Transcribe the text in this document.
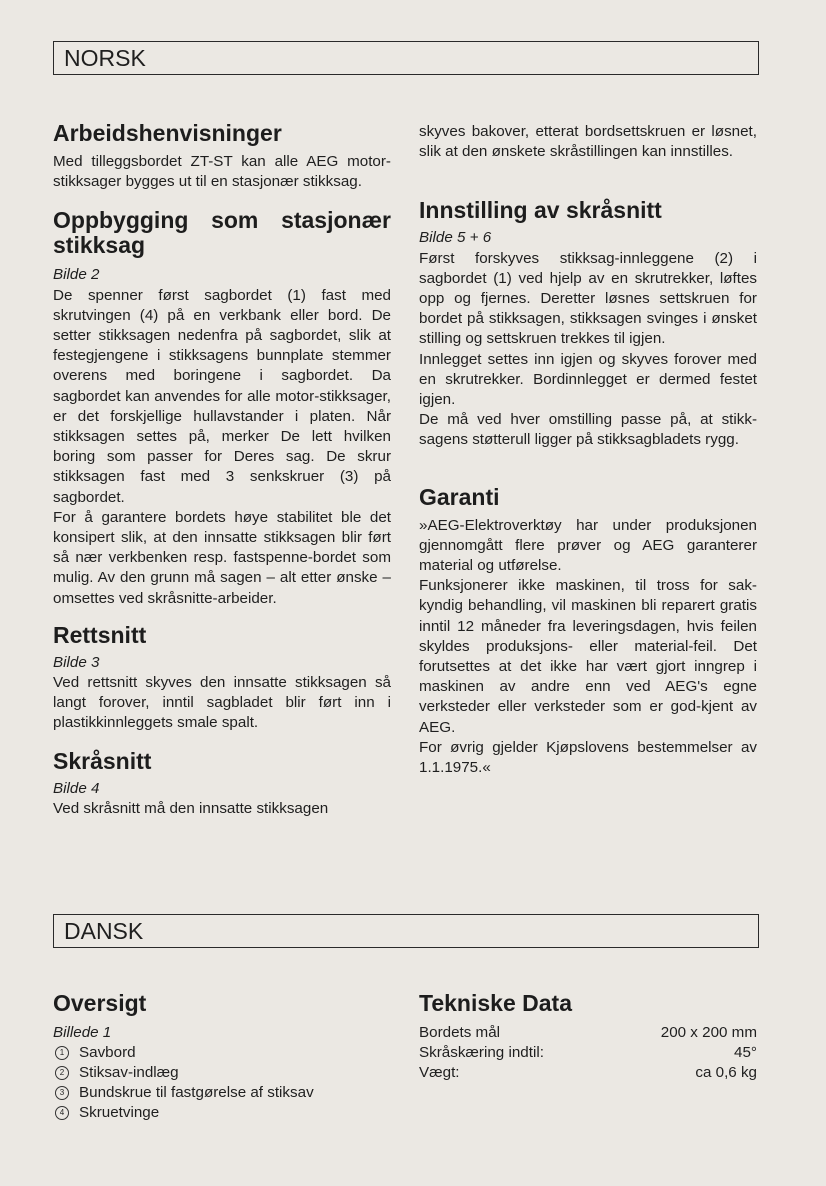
NORSK
Arbeidshenvisninger

Med tilleggsbordet ZT-ST kan alle AEG motor-stikksager bygges ut til en stasjonær stikksag.

Oppbygging som stasjonær stikksag

Bilde 2

De spenner først sagbordet (1) fast med skrutvingen (4) på en verkbank eller bord. De setter stikksagen nedenfra på sagbordet, slik at festegjengene i stikksagens bunnplate stemmer overens med boringene i sagbordet. Da sagbordet kan anvendes for alle motor-stikksager, er det forskjellige hullavstander i platen. Når stikksagen settes på, merker De lett hvilken boring som passer for Deres sag. De skrur stikksagen fast med 3 senkskruer (3) på sagbordet.

For å garantere bordets høye stabilitet ble det konsipert slik, at den innsatte stikksagen blir ført så nær verkbenken resp. fastspenne-bordet som mulig. Av den grunn må sagen – alt etter ønske – omsettes ved skråsnitte-arbeider.

Rettsnitt

Bilde 3

Ved rettsnitt skyves den innsatte stikksagen så langt forover, inntil sagbladet blir ført inn i plastikkinnleggets smale spalt.

Skråsnitt

Bilde 4

Ved skråsnitt må den innsatte stikksagen

skyves bakover, etterat bordsettskruen er løsnet, slik at den ønskete skråstillingen kan innstilles.

Innstilling av skråsnitt

Bilde 5 + 6

Først forskyves stikksag-innleggene (2) i sagbordet (1) ved hjelp av en skrutrekker, løftes opp og fjernes. Deretter løsnes settskruen for bordet på stikksagen, stikksagen svinges i ønsket stilling og settskruen trekkes til igjen.

Innlegget settes inn igjen og skyves forover med en skrutrekker. Bordinnlegget er dermed festet igjen.

De må ved hver omstilling passe på, at stikk-sagens støtterull ligger på stikksagbladets rygg.

Garanti

»AEG-Elektroverktøy har under produksjonen gjennomgått flere prøver og AEG garanterer material og utførelse.

Funksjonerer ikke maskinen, til tross for sak-kyndig behandling, vil maskinen bli reparert gratis inntil 12 måneder fra leveringsdagen, hvis feilen skyldes produksjons- eller material-feil. Det forutsettes at det ikke har vært gjort inngrep i maskinen av andre enn ved AEG's egne verksteder eller verksteder som er god-kjent av AEG.

For øvrig gjelder Kjøpslovens bestemmelser av 1.1.1975.«

DANSK
Oversigt

Billede 1

1 Savbord
2 Stiksav-indlæg
3 Bundskrue til fastgørelse af stiksav
4 Skruetvinge
Tekniske Data
Bordets mål	200 x 200 mm
Skråskæring indtil:	45°
Vægt:	ca 0,6 kg
